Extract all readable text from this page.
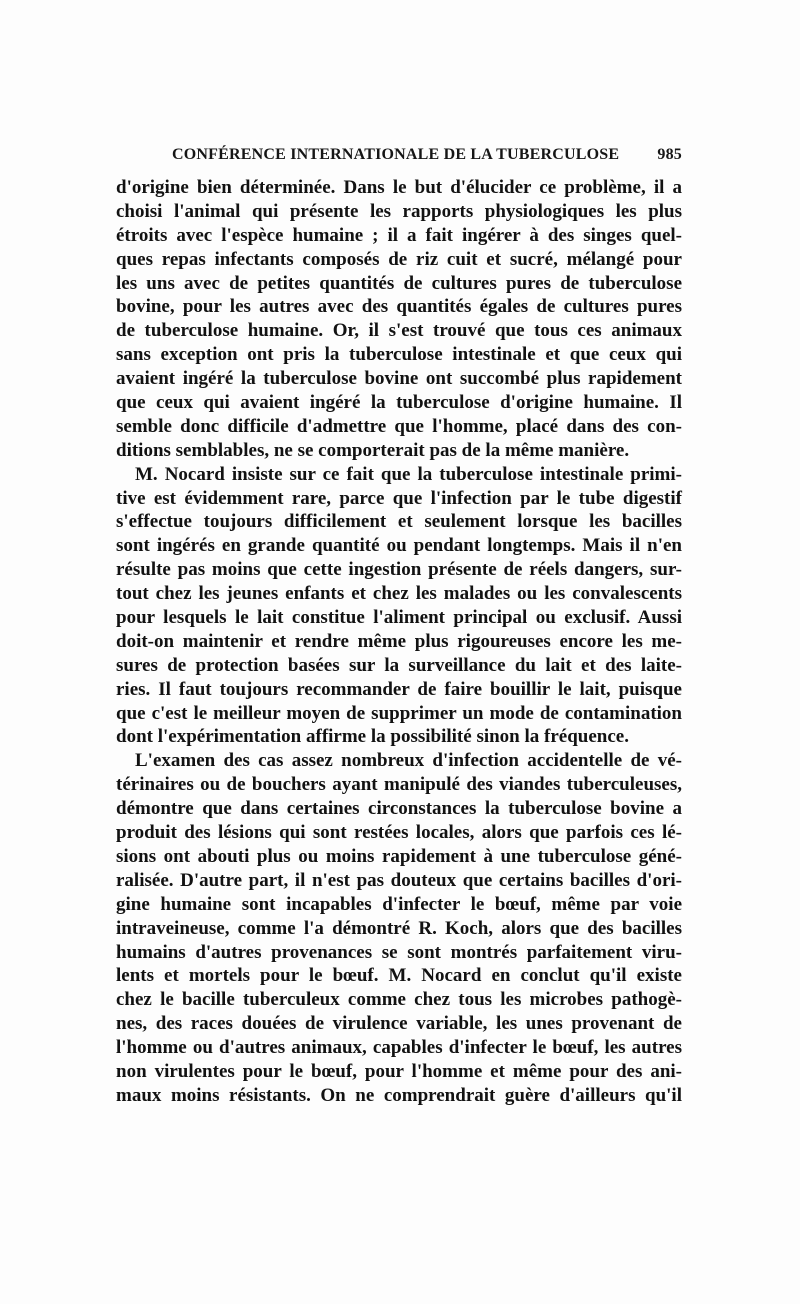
CONFÉRENCE INTERNATIONALE DE LA TUBERCULOSE 985
d'origine bien déterminée. Dans le but d'élucider ce problème, il a
choisi l'animal qui présente les rapports physiologiques les plus
étroits avec l'espèce humaine ; il a fait ingérer à des singes quel-
ques repas infectants composés de riz cuit et sucré, mélangé pour
les uns avec de petites quantités de cultures pures de tuberculose
bovine, pour les autres avec des quantités égales de cultures pures
de tuberculose humaine. Or, il s'est trouvé que tous ces animaux
sans exception ont pris la tuberculose intestinale et que ceux qui
avaient ingéré la tuberculose bovine ont succombé plus rapidement
que ceux qui avaient ingéré la tuberculose d'origine humaine. Il
semble donc difficile d'admettre que l'homme, placé dans des con-
ditions semblables, ne se comporterait pas de la même manière.
M. Nocard insiste sur ce fait que la tuberculose intestinale primi-
tive est évidemment rare, parce que l'infection par le tube digestif
s'effectue toujours difficilement et seulement lorsque les bacilles
sont ingérés en grande quantité ou pendant longtemps. Mais il n'en
résulte pas moins que cette ingestion présente de réels dangers, sur-
tout chez les jeunes enfants et chez les malades ou les convalescents
pour lesquels le lait constitue l'aliment principal ou exclusif. Aussi
doit-on maintenir et rendre même plus rigoureuses encore les me-
sures de protection basées sur la surveillance du lait et des laite-
ries. Il faut toujours recommander de faire bouillir le lait, puisque
que c'est le meilleur moyen de supprimer un mode de contamination
dont l'expérimentation affirme la possibilité sinon la fréquence.
L'examen des cas assez nombreux d'infection accidentelle de vé-
térinaires ou de bouchers ayant manipulé des viandes tuberculeuses,
démontre que dans certaines circonstances la tuberculose bovine a
produit des lésions qui sont restées locales, alors que parfois ces lé-
sions ont abouti plus ou moins rapidement à une tuberculose géné-
ralisée. D'autre part, il n'est pas douteux que certains bacilles d'ori-
gine humaine sont incapables d'infecter le bœuf, même par voie
intraveineuse, comme l'a démontré R. Koch, alors que des bacilles
humains d'autres provenances se sont montrés parfaitement viru-
lents et mortels pour le bœuf. M. Nocard en conclut qu'il existe
chez le bacille tuberculeux comme chez tous les microbes pathogè-
nes, des races douées de virulence variable, les unes provenant de
l'homme ou d'autres animaux, capables d'infecter le bœuf, les autres
non virulentes pour le bœuf, pour l'homme et même pour des ani-
maux moins résistants. On ne comprendrait guère d'ailleurs qu'il
